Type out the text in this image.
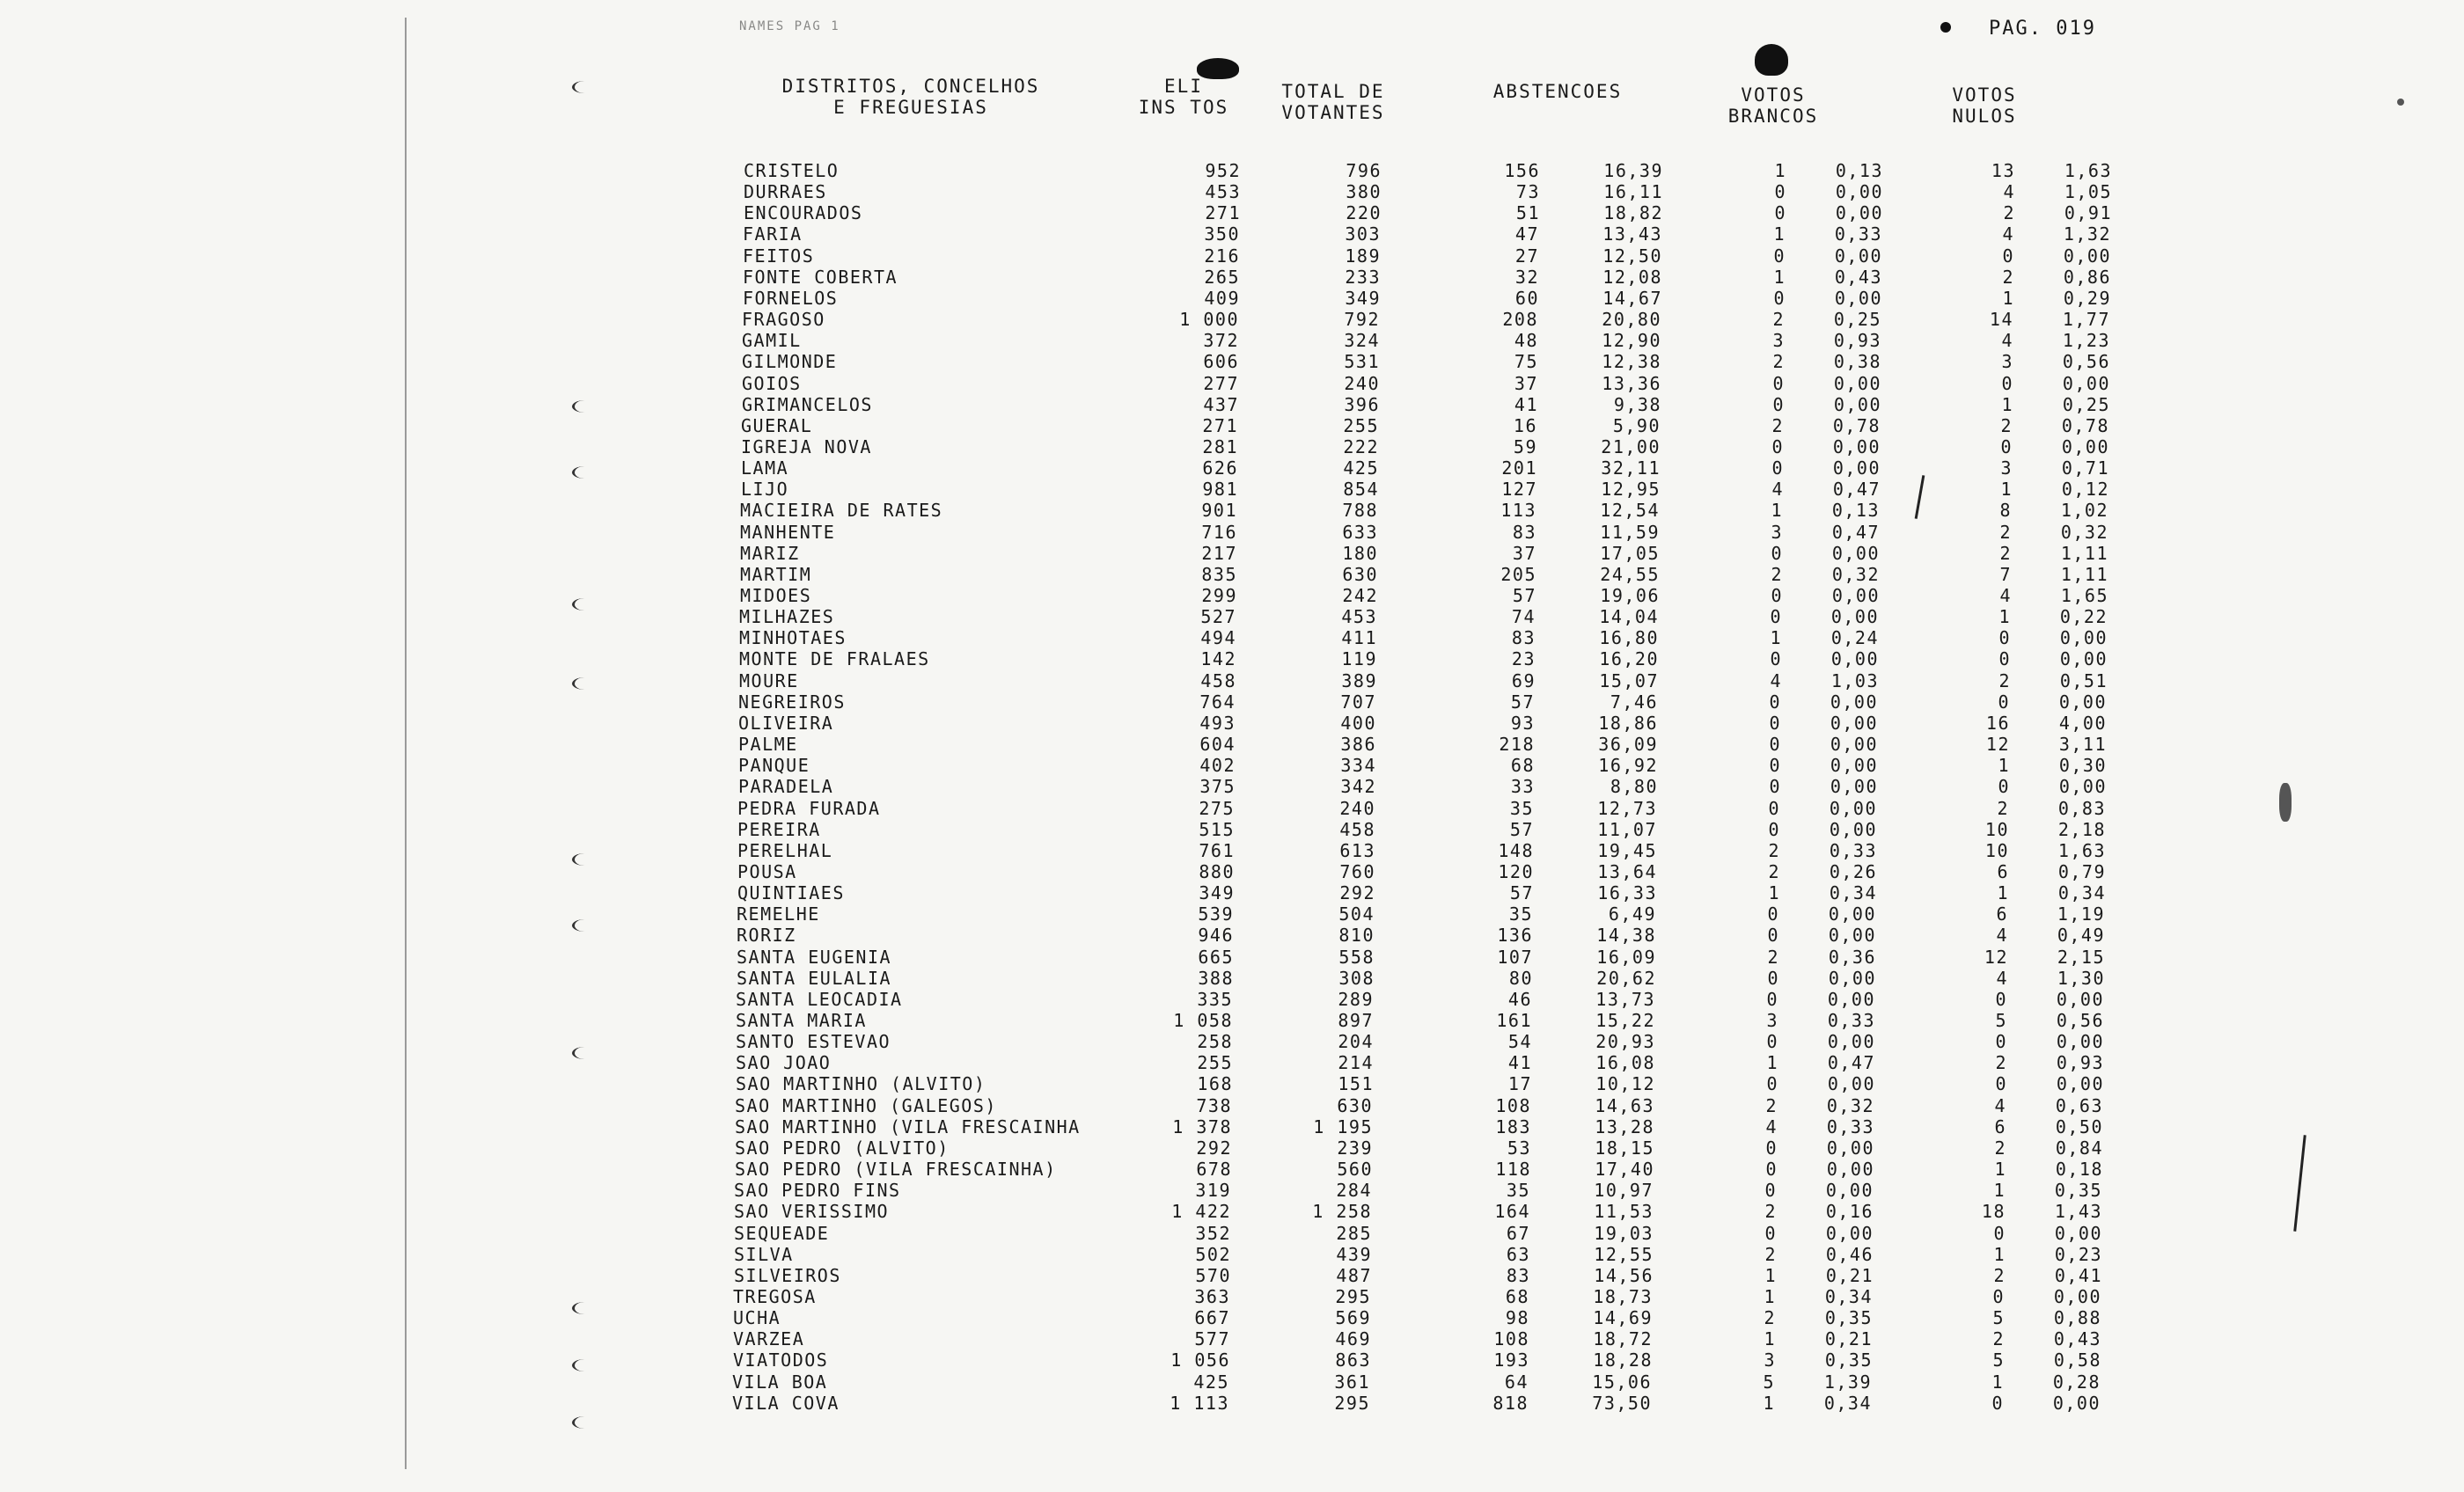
PAG. 019
NAMES PAG 1
DISTRITOS, CONCELHOS
E FREGUESIAS
ELI
INS TOS
TOTAL DE
VOTANTES
ABSTENCOES	VOTOS
BRANCOS
VOTOS
NULOS
CRISTELO	952	796	156	16,39	1	0,13	13	1,63
DURRAES	453	380	73	16,11	0	0,00	4	1,05
ENCOURADOS	271	220	51	18,82	0	0,00	2	0,91
FARIA	350	303	47	13,43	1	0,33	4	1,32
FEITOS	216	189	27	12,50	0	0,00	0	0,00
FONTE COBERTA	265	233	32	12,08	1	0,43	2	0,86
FORNELOS	409	349	60	14,67	0	0,00	1	0,29
FRAGOSO	1 000	792	208	20,80	2	0,25	14	1,77
GAMIL	372	324	48	12,90	3	0,93	4	1,23
GILMONDE	606	531	75	12,38	2	0,38	3	0,56
GOIOS	277	240	37	13,36	0	0,00	0	0,00
GRIMANCELOS	437	396	41	9,38	0	0,00	1	0,25
GUERAL	271	255	16	5,90	2	0,78	2	0,78
IGREJA NOVA	281	222	59	21,00	0	0,00	0	0,00
LAMA	626	425	201	32,11	0	0,00	3	0,71
LIJO	981	854	127	12,95	4	0,47	1	0,12
MACIEIRA DE RATES	901	788	113	12,54	1	0,13	8	1,02
MANHENTE	716	633	83	11,59	3	0,47	2	0,32
MARIZ	217	180	37	17,05	0	0,00	2	1,11
MARTIM	835	630	205	24,55	2	0,32	7	1,11
MIDOES	299	242	57	19,06	0	0,00	4	1,65
MILHAZES	527	453	74	14,04	0	0,00	1	0,22
MINHOTAES	494	411	83	16,80	1	0,24	0	0,00
MONTE DE FRALAES	142	119	23	16,20	0	0,00	0	0,00
MOURE	458	389	69	15,07	4	1,03	2	0,51
NEGREIROS	764	707	57	7,46	0	0,00	0	0,00
OLIVEIRA	493	400	93	18,86	0	0,00	16	4,00
PALME	604	386	218	36,09	0	0,00	12	3,11
PANQUE	402	334	68	16,92	0	0,00	1	0,30
PARADELA	375	342	33	8,80	0	0,00	0	0,00
PEDRA FURADA	275	240	35	12,73	0	0,00	2	0,83
PEREIRA	515	458	57	11,07	0	0,00	10	2,18
PERELHAL	761	613	148	19,45	2	0,33	10	1,63
POUSA	880	760	120	13,64	2	0,26	6	0,79
QUINTIAES	349	292	57	16,33	1	0,34	1	0,34
REMELHE	539	504	35	6,49	0	0,00	6	1,19
RORIZ	946	810	136	14,38	0	0,00	4	0,49
SANTA EUGENIA	665	558	107	16,09	2	0,36	12	2,15
SANTA EULALIA	388	308	80	20,62	0	0,00	4	1,30
SANTA LEOCADIA	335	289	46	13,73	0	0,00	0	0,00
SANTA MARIA	1 058	897	161	15,22	3	0,33	5	0,56
SANTO ESTEVAO	258	204	54	20,93	0	0,00	0	0,00
SAO JOAO	255	214	41	16,08	1	0,47	2	0,93
SAO MARTINHO (ALVITO)	168	151	17	10,12	0	0,00	0	0,00
SAO MARTINHO (GALEGOS)	738	630	108	14,63	2	0,32	4	0,63
SAO MARTINHO (VILA FRESCAINHA	1 378	1 195	183	13,28	4	0,33	6	0,50
SAO PEDRO (ALVITO)	292	239	53	18,15	0	0,00	2	0,84
SAO PEDRO (VILA FRESCAINHA)	678	560	118	17,40	0	0,00	1	0,18
SAO PEDRO FINS	319	284	35	10,97	0	0,00	1	0,35
SAO VERISSIMO	1 422	1 258	164	11,53	2	0,16	18	1,43
SEQUEADE	352	285	67	19,03	0	0,00	0	0,00
SILVA	502	439	63	12,55	2	0,46	1	0,23
SILVEIROS	570	487	83	14,56	1	0,21	2	0,41
TREGOSA	363	295	68	18,73	1	0,34	0	0,00
UCHA	667	569	98	14,69	2	0,35	5	0,88
VARZEA	577	469	108	18,72	1	0,21	2	0,43
VIATODOS	1 056	863	193	18,28	3	0,35	5	0,58
VILA BOA	425	361	64	15,06	5	1,39	1	0,28
VILA COVA	1 113	295	818	73,50	1	0,34	0	0,00
